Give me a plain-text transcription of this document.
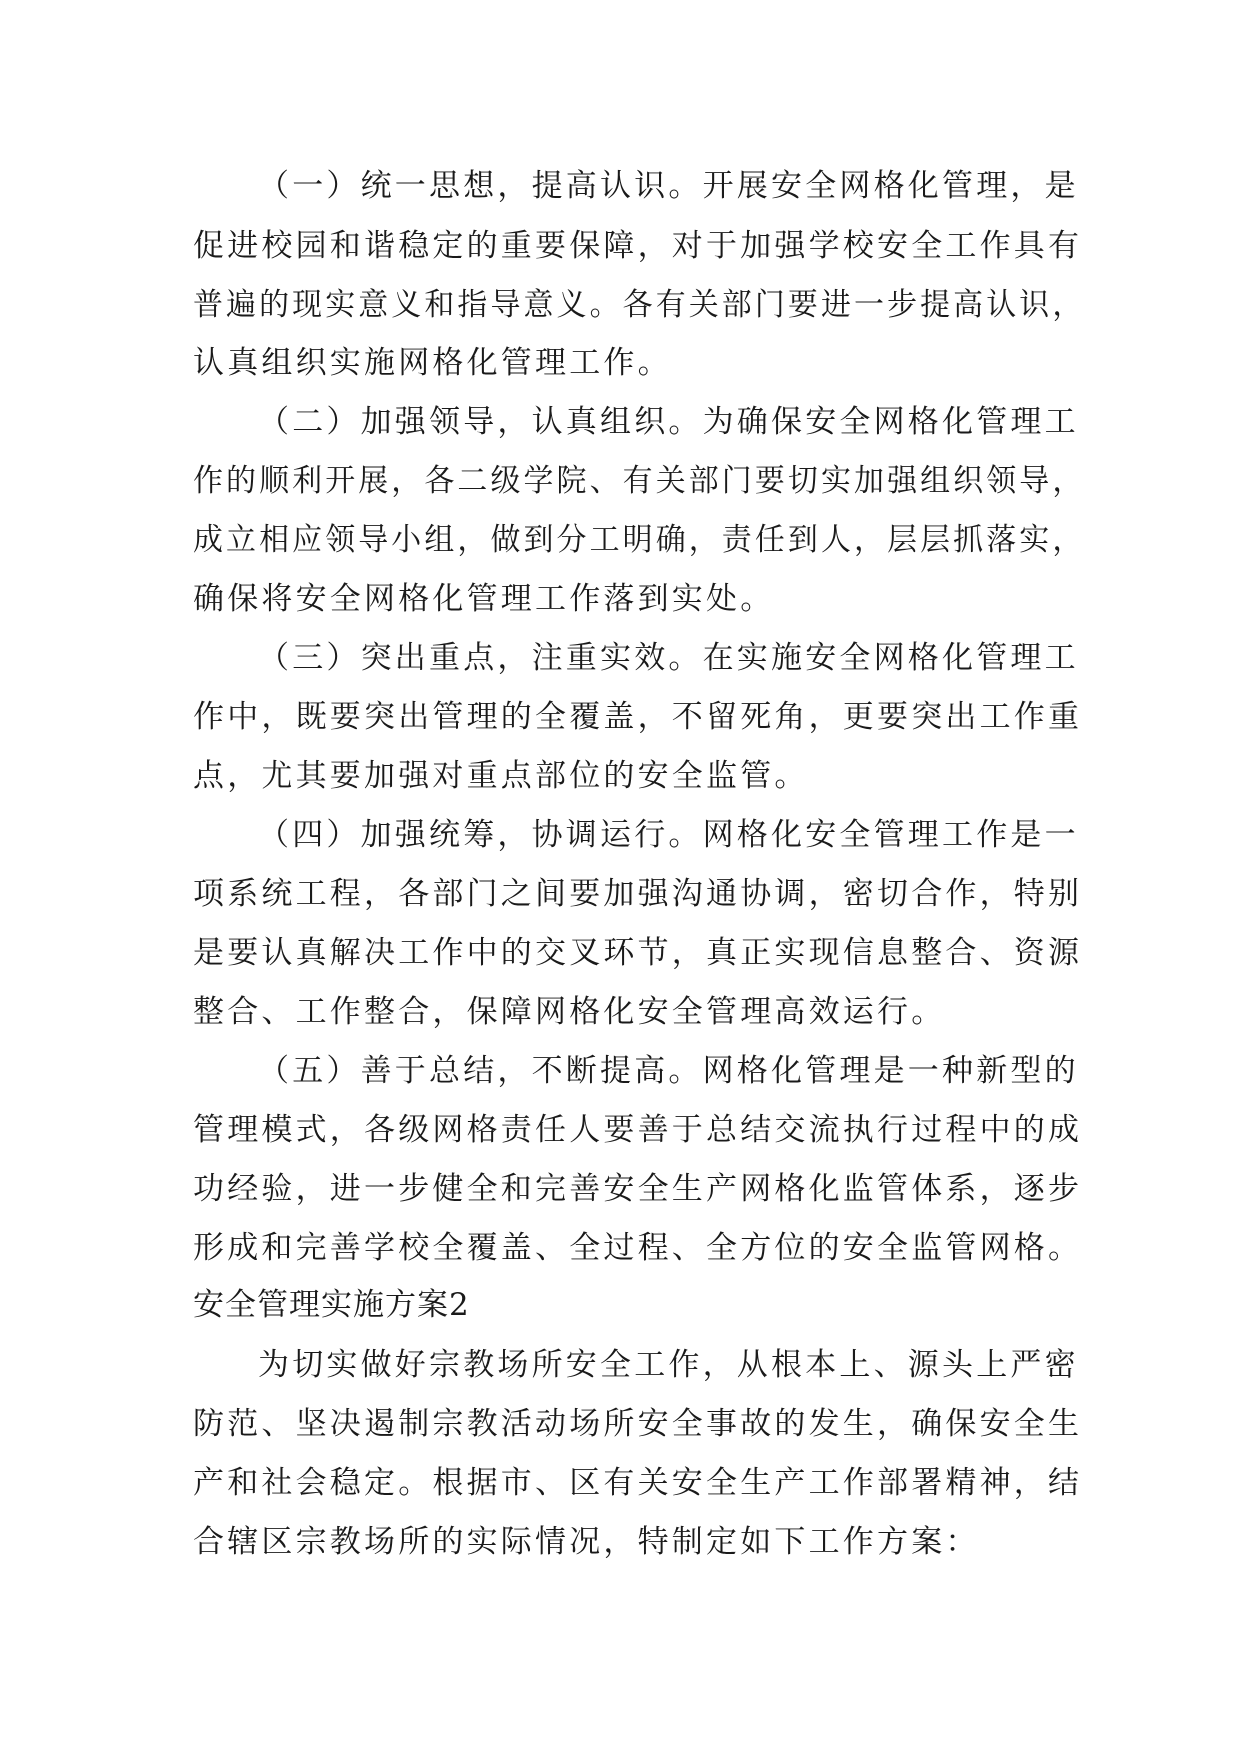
（一）统一思想，提高认识。开展安全网格化管理，是
促进校园和谐稳定的重要保障，对于加强学校安全工作具有
普遍的现实意义和指导意义。各有关部门要进一步提高认识，
认真组织实施网格化管理工作。
（二）加强领导，认真组织。为确保安全网格化管理工
作的顺利开展，各二级学院、有关部门要切实加强组织领导，
成立相应领导小组，做到分工明确，责任到人，层层抓落实，
确保将安全网格化管理工作落到实处。
（三）突出重点，注重实效。在实施安全网格化管理工
作中，既要突出管理的全覆盖，不留死角，更要突出工作重
点，尤其要加强对重点部位的安全监管。
（四）加强统筹，协调运行。网格化安全管理工作是一
项系统工程，各部门之间要加强沟通协调，密切合作，特别
是要认真解决工作中的交叉环节，真正实现信息整合、资源
整合、工作整合，保障网格化安全管理高效运行。
（五）善于总结，不断提高。网格化管理是一种新型的
管理模式，各级网格责任人要善于总结交流执行过程中的成
功经验，进一步健全和完善安全生产网格化监管体系，逐步
形成和完善学校全覆盖、全过程、全方位的安全监管网格。
安全管理实施方案2
为切实做好宗教场所安全工作，从根本上、源头上严密
防范、坚决遏制宗教活动场所安全事故的发生，确保安全生
产和社会稳定。根据市、区有关安全生产工作部署精神，结
合辖区宗教场所的实际情况，特制定如下工作方案：
